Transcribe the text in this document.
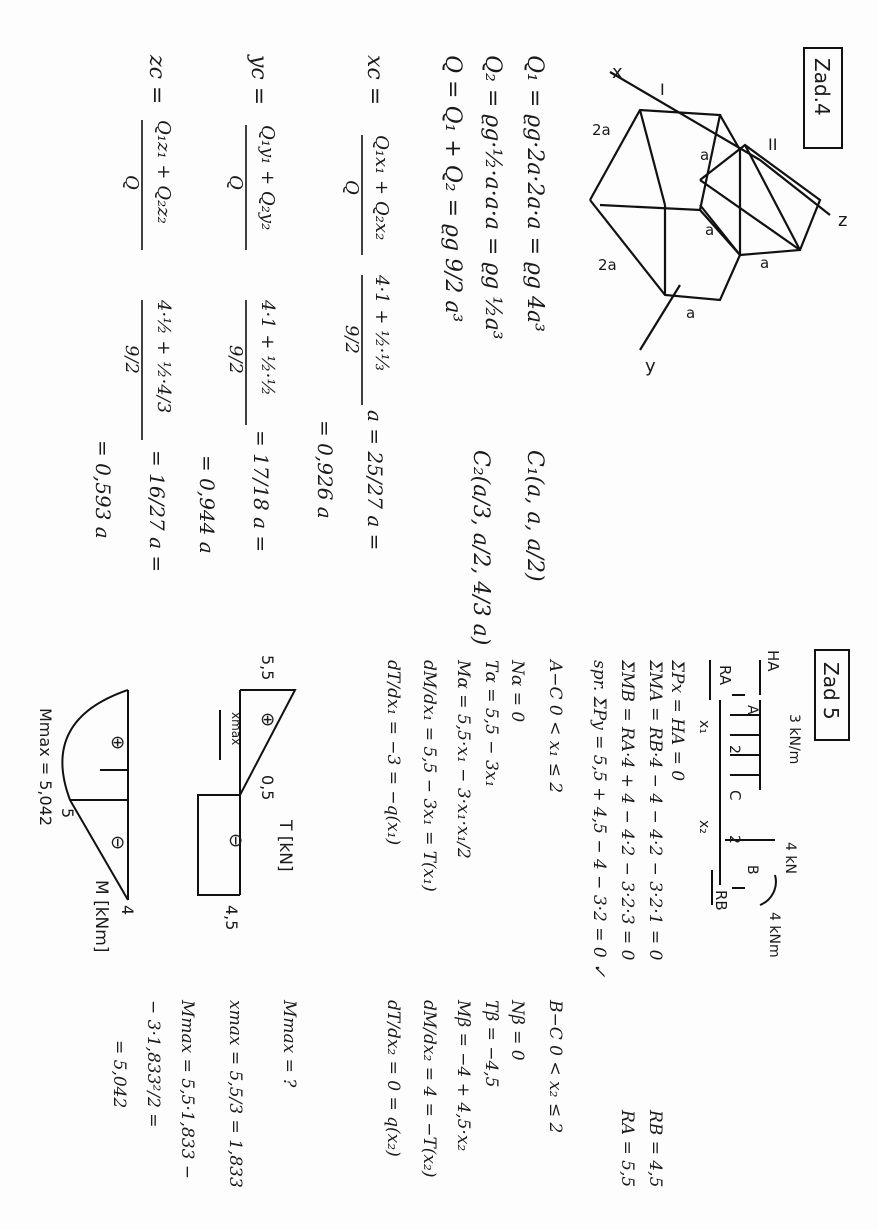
Zad.4
x
z
y
I
II
2a
2a
a
a
a
a
Q₁ = ϱg·2a·2a·a = ϱg 4a³
Q₂ = ϱg·½·a·a·a = ϱg ½a³
Q = Q₁ + Q₂ = ϱg 9/2 a³
C₁(a, a, a/2)
C₂(a/3, a/2, 4/3 a)
xc =
Q₁x₁ + Q₂x₂
Q
4·1 + ½·⅓
9/2
a = 25/27 a =
= 0,926 a
yc =
Q₁y₁ + Q₂y₂
Q
4·1 + ½·½
9/2
= 17/18 a =
= 0,944 a
zc =
Q₁z₁ + Q₂z₂
Q
4·½ + ½·4/3
9/2
= 16/27 a =
= 0,593 a
Zad 5
3 kN/m
4 kN
4 kNm
HA
RA
RB
A
B
C
x₁
x₂
2
2
ΣPx = HA = 0
ΣMA = RB·4 − 4 − 4·2 − 3·2·1 = 0
ΣMB = RA·4 + 4 − 4·2 − 3·2·3 = 0
spr. ΣPy = 5,5 + 4,5 − 4 − 3·2 = 0 ✓
RB = 4,5
RA = 5,5
A−C 0 < x₁ ≤ 2
Nα = 0
Tα = 5,5 − 3x₁
Mα = 5,5·x₁ − 3·x₁·x₁/2
dM/dx₁ = 5,5 − 3x₁ = T(x₁)
dT/dx₁ = −3 = −q(x₁)
B−C 0 < x₂ ≤ 2
Nβ = 0
Tβ = −4,5
Mβ = −4 + 4,5·x₂
dM/dx₂ = 4 = −T(x₂)
dT/dx₂ = 0 = q(x₂)
Mmax = ?
xmax = 5,5/3 = 1,833
Mmax = 5,5·1,833 −
− 3·1,833²/2 =
= 5,042
5,5
0,5
4,5
⊕
⊖
xmax
T [kN]
⊕
⊖
5
4
Mmax = 5,042
M [kNm]
